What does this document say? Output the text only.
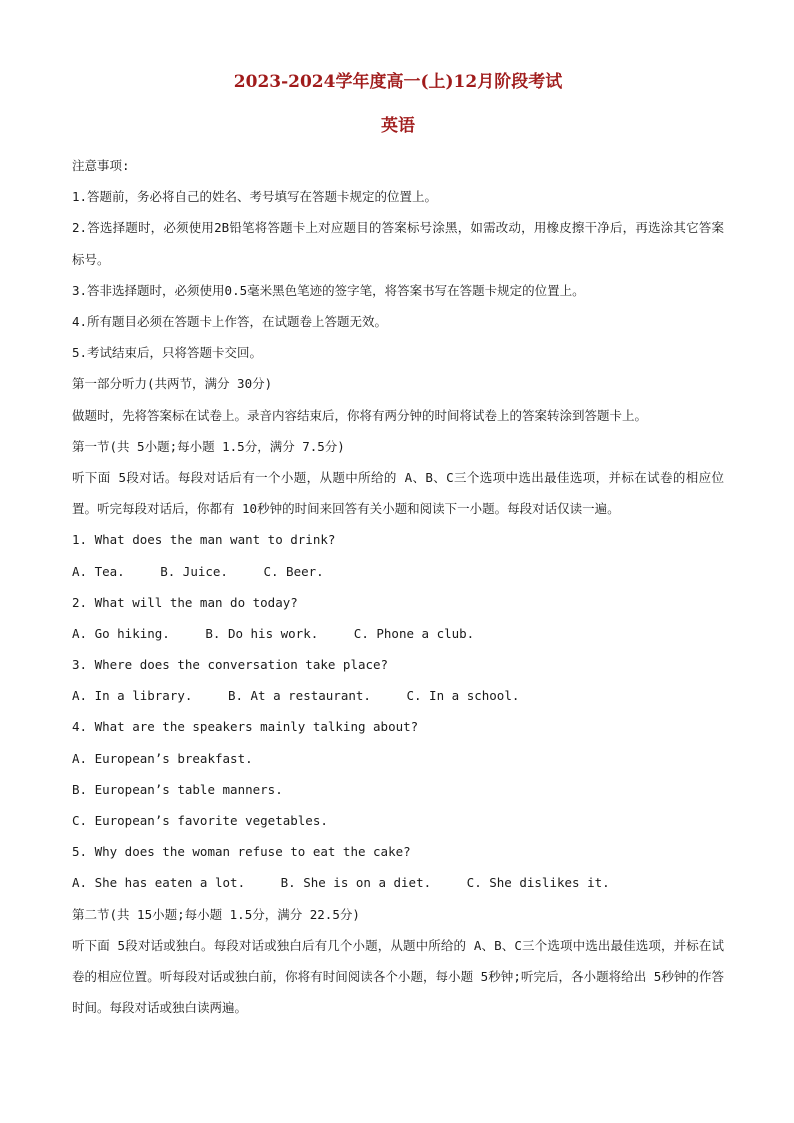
2023-2024学年度高一(上)12月阶段考试
英语
注意事项:
1.答题前，务必将自己的姓名、考号填写在答题卡规定的位置上。
2.答选择题时，必须使用2B铅笔将答题卡上对应题目的答案标号涂黑，如需改动，用橡皮擦干净后，再选涂其它答案标号。
3.答非选择题时，必须使用0.5毫米黑色笔迹的签字笔，将答案书写在答题卡规定的位置上。
4.所有题目必须在答题卡上作答，在试题卷上答题无效。
5.考试结束后，只将答题卡交回。
第一部分听力(共两节，满分 30分)
做题时，先将答案标在试卷上。录音内容结束后，你将有两分钟的时间将试卷上的答案转涂到答题卡上。
第一节(共 5小题;每小题 1.5分，满分 7.5分)
听下面 5段对话。每段对话后有一个小题，从题中所给的 A、B、C三个选项中选出最佳选项，并标在试卷的相应位置。听完每段对话后，你都有 10秒钟的时间来回答有关小题和阅读下一小题。每段对话仅读一遍。
1. What does the man want to drink?
A. Tea.	B. Juice.	C. Beer.
2. What will the man do today?
A. Go hiking.	B. Do his work.	C. Phone a club.
3. Where does the conversation take place?
A. In a library.	B. At a restaurant.	C. In a school.
4. What are the speakers mainly talking about?
A. European’s breakfast.
B. European’s table manners.
C. European’s favorite vegetables.
5. Why does the woman refuse to eat the cake?
A. She has eaten a lot.	B. She is on a diet.	C. She dislikes it.
第二节(共 15小题;每小题 1.5分，满分 22.5分)
听下面 5段对话或独白。每段对话或独白后有几个小题，从题中所给的 A、B、C三个选项中选出最佳选项，并标在试卷的相应位置。听每段对话或独白前，你将有时间阅读各个小题，每小题 5秒钟;听完后，各小题将给出 5秒钟的作答时间。每段对话或独白读两遍。
